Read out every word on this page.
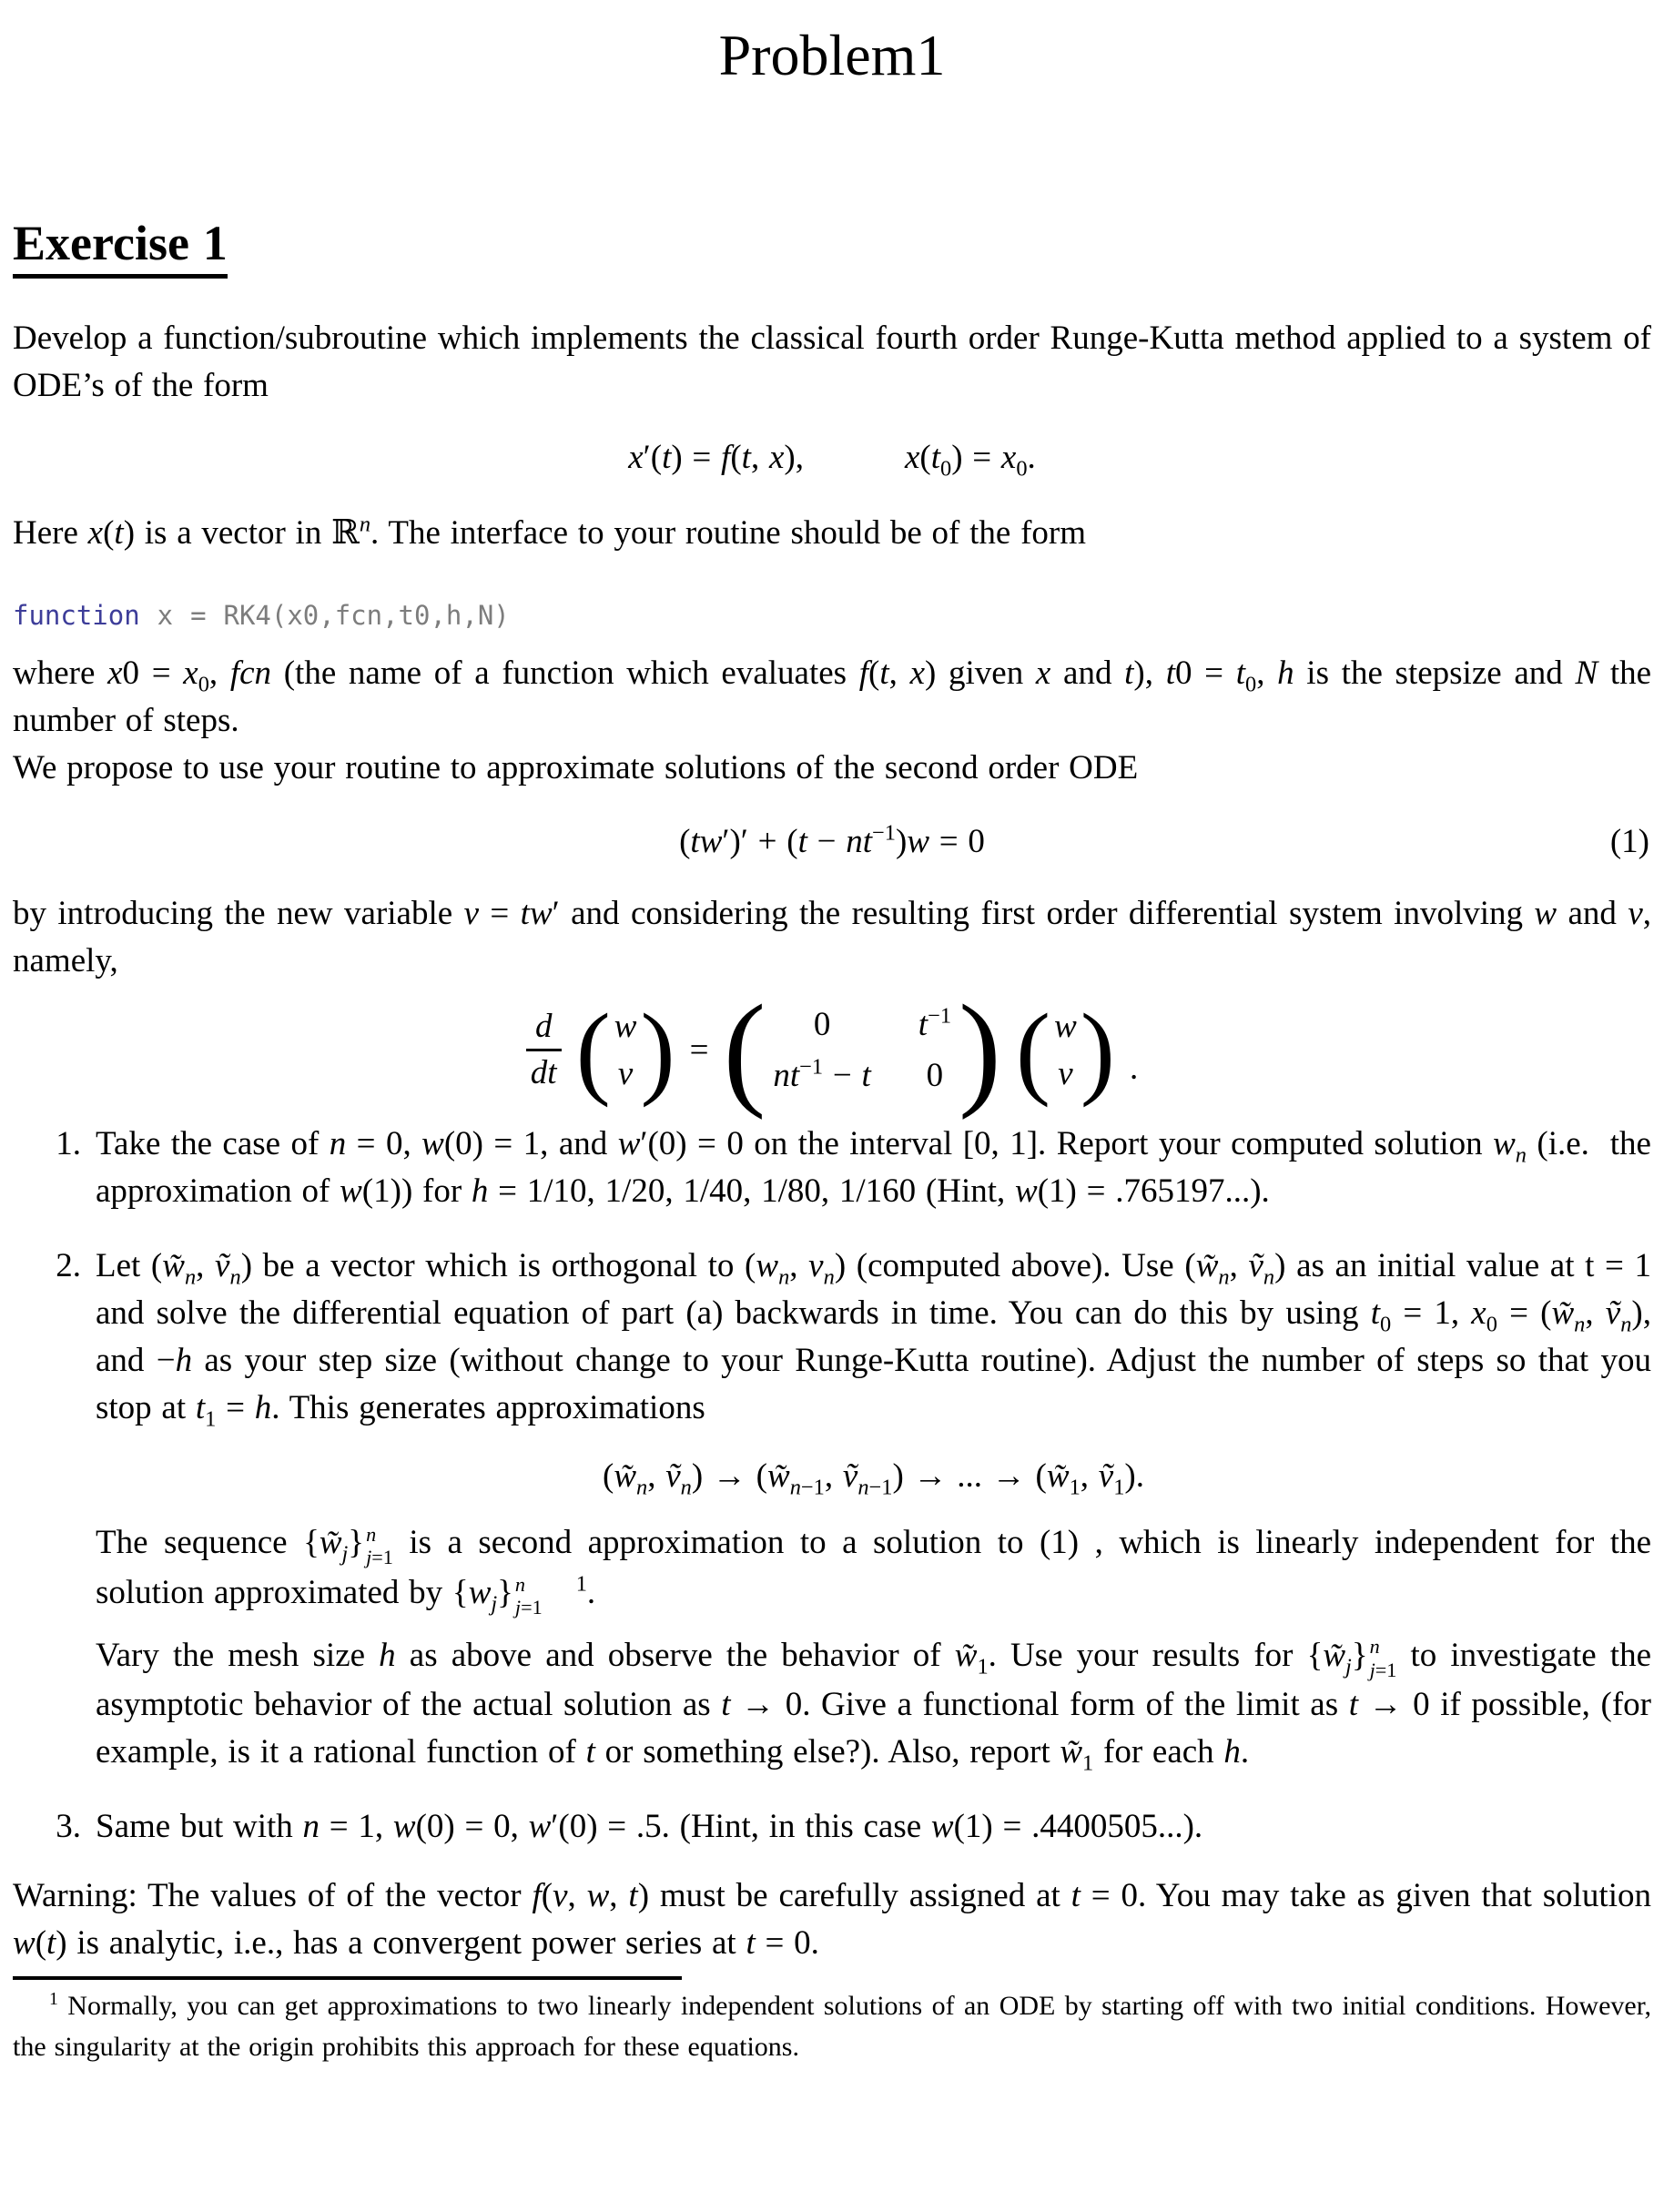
Problem1
Exercise 1

Develop a function/subroutine which implements the classical fourth order Runge-Kutta method applied to a system of ODE’s of the form

x′(t) = f(t, x),   $x(t_0) = x_0$.

Here x(t) is a vector in ℝ$^n$. The interface to your routine should be of the form

function x = RK4(x0,fcn,t0,h,N)

where $x0 = x_0$, fcn (the name of a function which evaluates f(t, x) given x and t), $t0 = t_0$, h is the stepsize and N the number of steps.

We propose to use your routine to approximate solutions of the second order ODE

$(tw')' + (t - nt^{-1})w = 0$	(1)

by introducing the new variable v = tw′ and considering the resulting first order differential system involving w and v, namely,

$\frac{d}{dt}$ ( w
v ) = ( 0	$t^{-1}$
$nt^{-1} - t$ 0 ) ( w
v ) .
1. Take the case of n = 0, w(0) = 1, and w′(0) = 0 on the interval [0, 1]. Report your computed solution $w_n$ (i.e.  the approximation of w(1)) for h = 1/10, 1/20, 1/40, 1/80, 1/160 (Hint, w(1) = .765197...).

2. Let ($w̃_n$, $ṽ_n$) be a vector which is orthogonal to ($w_n$, $v_n$) (computed above). Use ($w̃_n$, $ṽ_n$) as an initial value at t = 1 and solve the differential equation of part (a) backwards in time. You can do this by using $t_0 = 1$, $x_0$ = ($w̃_n$, $ṽ_n$), and −h as your step size (without change to your Runge-Kutta routine). Adjust the number of steps so that you stop at $t_1 = h$. This generates approximations

($w̃_n$, $ṽ_n$) → ($w̃_{n-1}$, $ṽ_{n-1}$) → ... → ($w̃_1$, $ṽ_1$).

The sequence $\{w̃_j\}n$
j=1 is a second approximation to a solution to (1) , which is linearly independent for the solution approximated by $\{w_j\}n$
j=1 $^1$.

Vary the mesh size h as above and observe the behavior of $w̃_1$. Use your results for $\{w̃_j\}n$
j=1 to investigate the asymptotic behavior of the actual solution as t → 0. Give a functional form of the limit as t → 0 if possible, (for example, is it a rational function of t or something else?). Also, report $w̃_1$ for each h.

3. Same but with n = 1, w(0) = 0, w′(0) = .5. (Hint, in this case w(1) = .4400505...).

Warning: The values of of the vector f(v, w, t) must be carefully assigned at t = 0. You may take as given that solution w(t) is analytic, i.e., has a convergent power series at t = 0.

$^1$ Normally, you can get approximations to two linearly independent solutions of an ODE by starting off with two initial conditions. However, the singularity at the origin prohibits this approach for these equations.
